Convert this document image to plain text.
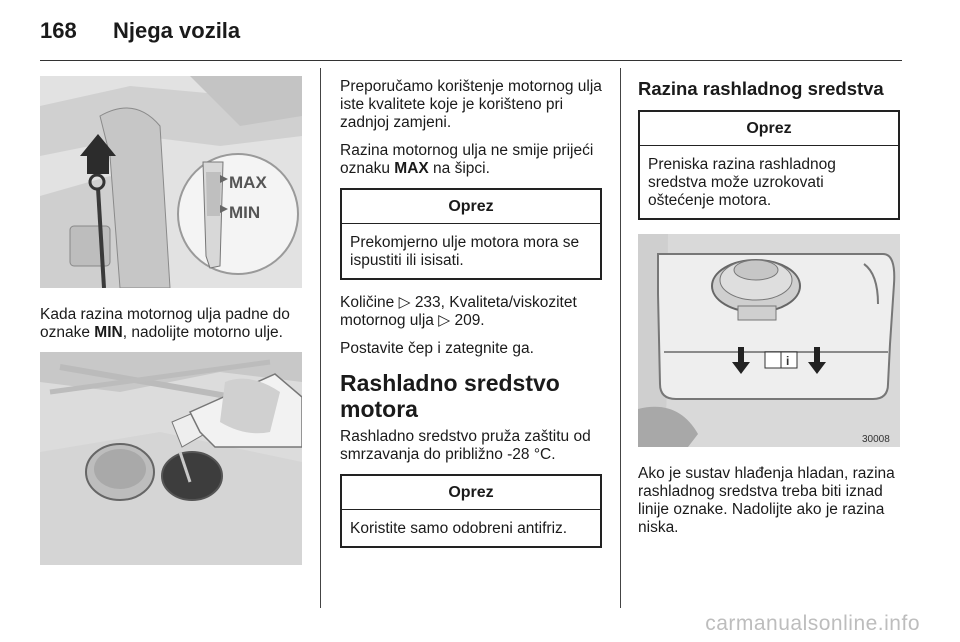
168 Njega vozila
MAX
MIN

Kada razina motornog ulja padne do oznake MIN, nadolijte motorno ulje.

Preporučamo korištenje motornog ulja iste kvalitete koje je korišteno pri zadnjoj zamjeni.

Razina motornog ulja ne smije prijeći oznaku MAX na šipci.

Oprez
Prekomjerno ulje motora mora se ispustiti ili isisati.

Količine ▷ 233, Kvaliteta/viskozitet motornog ulja ▷ 209.

Postavite čep i zategnite ga.

Rashladno sredstvo motora

Rashladno sredstvo pruža zaštitu od smrzavanja do približno -28 °C.

Oprez
Koristite samo odobreni antifriz.
Razina rashladnog sredstva
Oprez
Preniska razina rashladnog sredstva može uzrokovati oštećenje motora.
i
30008

Ako je sustav hlađenja hladan, razina rashladnog sredstva treba biti iznad linije oznake. Nadolijte ako je razina niska.

carmanualsonline.info
